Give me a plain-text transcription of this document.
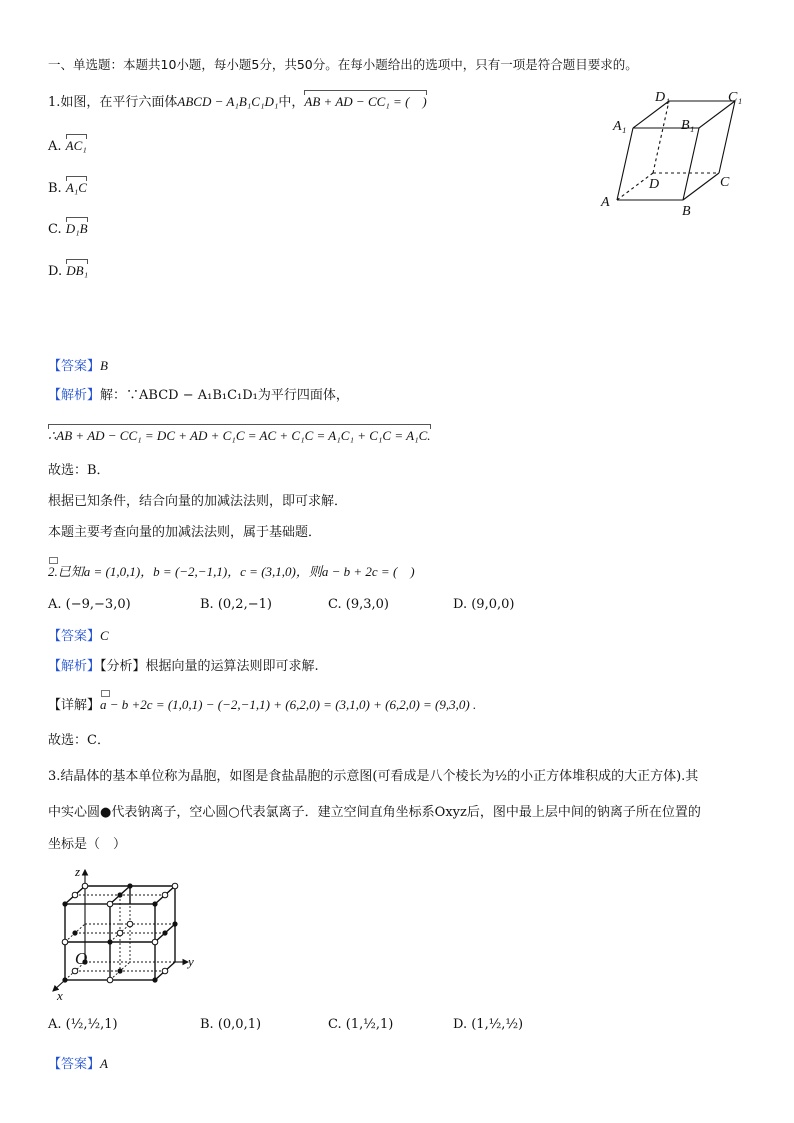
一、单选题：本题共10小题，每小题5分，共50分。在每小题给出的选项中，只有一项是符合题目要求的。
1.如图，在平行六面体ABCD − A₁B₁C₁D₁中，AB + AD − CC₁ = (　)
A. AC₁
B. A₁C
C. D₁B
D. DB₁
A
B
C
D
A₁	B₁
C₁
D₁
【答案】B
【解析】解：∵ABCD − A₁B₁C₁D₁为平行四面体，
∴AB + AD − CC₁ = DC + AD + C₁C = AC + C₁C = A₁C₁ + C₁C = A₁C.
故选：B．
根据已知条件，结合向量的加减法法则，即可求解．
本题主要考查向量的加减法法则，属于基础题．
2.已知a = (1,0,1)，b = (−2,−1,1)，c = (3,1,0)，则a − b + 2c = (　)
A. (−9,−3,0)	B. (0,2,−1)	C. (9,3,0)	D. (9,0,0)
【答案】C
【解析】【分析】根据向量的运算法则即可求解.
【详解】a − b +2c = (1,0,1) − (−2,−1,1) + (6,2,0) = (3,1,0) + (6,2,0) = (9,3,0) .
故选：C．
3.结晶体的基本单位称为晶胞，如图是食盐晶胞的示意图(可看成是八个棱长为½的小正方体堆积成的大正方体).其
中实心圆●代表钠离子，空心圆○代表氯离子．建立空间直角坐标系Oxyz后，图中最上层中间的钠离子所在位置的
坐标是（　）
z
y
x
O
A. (½,½,1)	B. (0,0,1)	C. (1,½,1)	D. (1,½,½)
【答案】A
